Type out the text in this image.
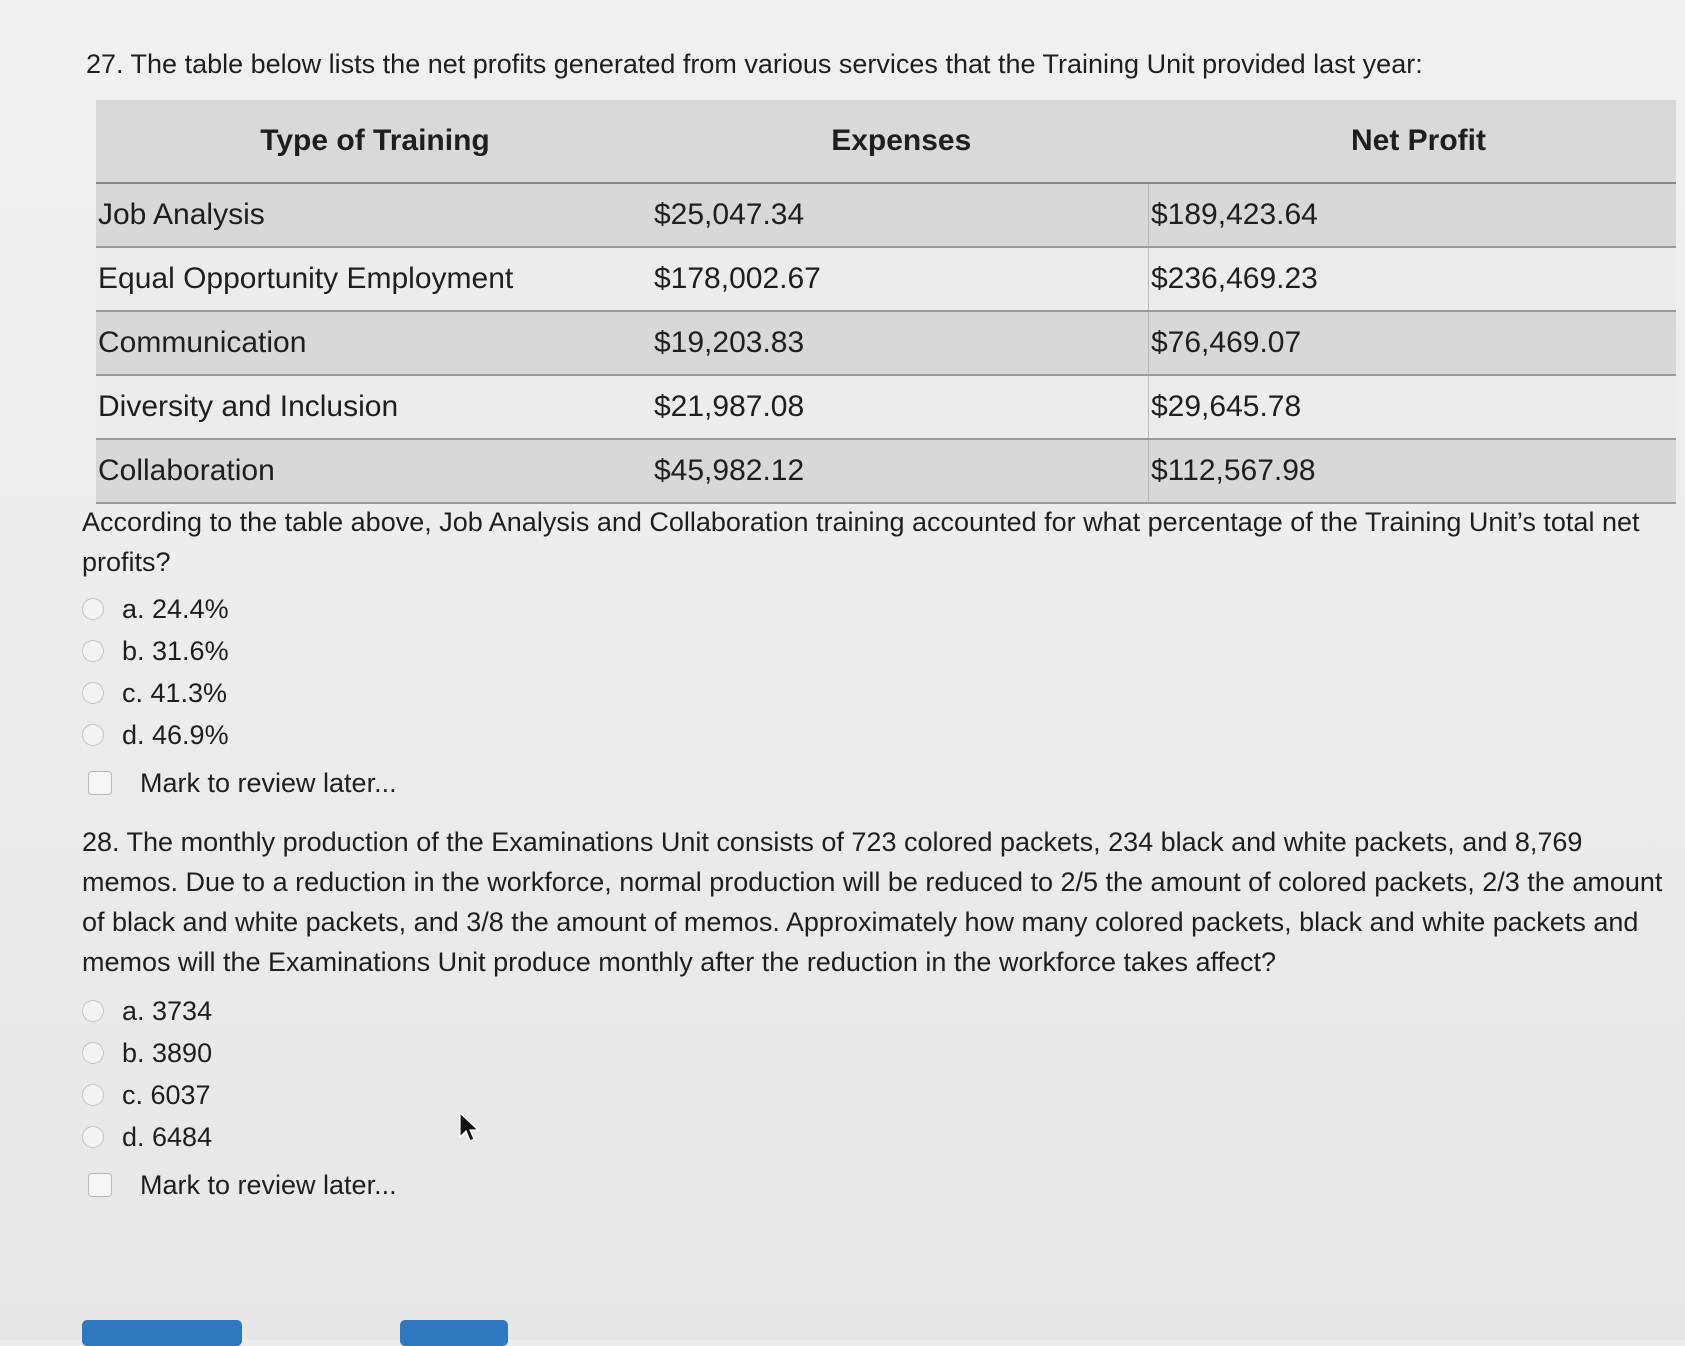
27. The table below lists the net profits generated from various services that the Training Unit provided last year:
Type of Training	Expenses	Net Profit
Job Analysis	$25,047.34	$189,423.64
Equal Opportunity Employment	$178,002.67	$236,469.23
Communication	$19,203.83	$76,469.07
Diversity and Inclusion	$21,987.08	$29,645.78
Collaboration	$45,982.12	$112,567.98
According to the table above, Job Analysis and Collaboration training accounted for what percentage of the Training Unit’s total net profits?
a. 24.4%
b. 31.6%
c. 41.3%
d. 46.9%
Mark to review later...
28. The monthly production of the Examinations Unit consists of 723 colored packets, 234 black and white packets, and 8,769 memos. Due to a reduction in the workforce, normal production will be reduced to 2/5 the amount of colored packets, 2/3 the amount of black and white packets, and 3/8 the amount of memos. Approximately how many colored packets, black and white packets and memos will the Examinations Unit produce monthly after the reduction in the workforce takes affect?
a. 3734
b. 3890
c. 6037
d. 6484
Mark to review later...
